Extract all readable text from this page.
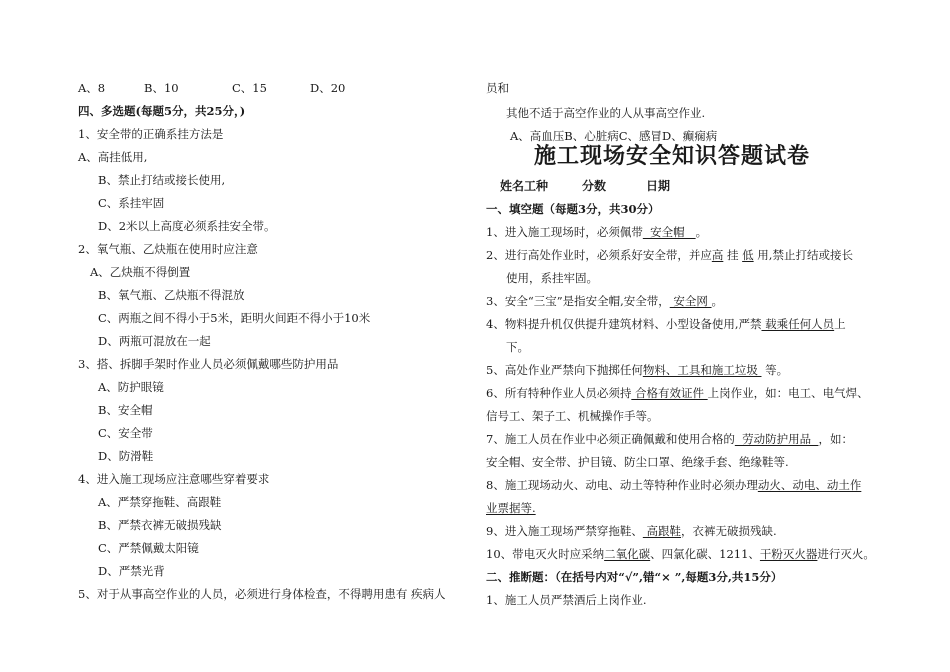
A、8	B、10	C、15	D、20
四、多选题(每题5分，共25分，)
1、安全带的正确系挂方法是
A、高挂低用,
B、禁止打结或接长使用,
C、系挂牢固
D、2米以上高度必须系挂安全带。
2、氧气瓶、乙炔瓶在使用时应注意
A、乙炔瓶不得倒置
B、氧气瓶、乙炔瓶不得混放
C、两瓶之间不得小于5米，距明火间距不得小于10米
D、两瓶可混放在一起
3、搭、拆脚手架时作业人员必须佩戴哪些防护用品
A、防护眼镜
B、安全帽
C、安全带
D、防滑鞋
4、进入施工现场应注意哪些穿着要求
A、严禁穿拖鞋、高跟鞋
B、严禁衣裤无破损残缺
C、严禁佩戴太阳镜
D、严禁光背
5、对于从事高空作业的人员，必须进行身体检查，不得聘用患有 疾病人
员和
其他不适于高空作业的人从事高空作业.
A、高血压B、心脏病C、感冒D、癫痫病
施工现场安全知识答题试卷
姓名工种	分数	日期
一、填空题（每题3分，共30分）
1、进入施工现场时，必须佩带  安全帽   。
2、进行高处作业时，必须系好安全带，并应高 挂 低 用,禁止打结或接长
使用，系挂牢固。
3、安全“三宝”是指安全帽,安全带， 安全网 。
4、物料提升机仅供提升建筑材料、小型设备使用,严禁 载乘任何人员上
下。
5、高处作业严禁向下抛掷任何物料、工具和施工垃圾  等。
6、所有特种作业人员必须持 合格有效证件 上岗作业，如：电工、电气焊、
信号工、架子工、机械操作手等。
7、施工人员在作业中必须正确佩戴和使用合格的  劳动防护用品  ，如：
安全帽、安全带、护目镜、防尘口罩、绝缘手套、绝缘鞋等.
8、施工现场动火、动电、动土等特种作业时必须办理动火、动电、动土作
业票据等.
9、进入施工现场严禁穿拖鞋、 高跟鞋，衣裤无破损残缺.
10、带电灭火时应采纳二氧化碳、四氯化碳、1211、干粉灭火器进行灭火。
二、推断题：（在括号内对“√”,错“× ”,每题3分,共15分）
1、施工人员严禁酒后上岗作业.
